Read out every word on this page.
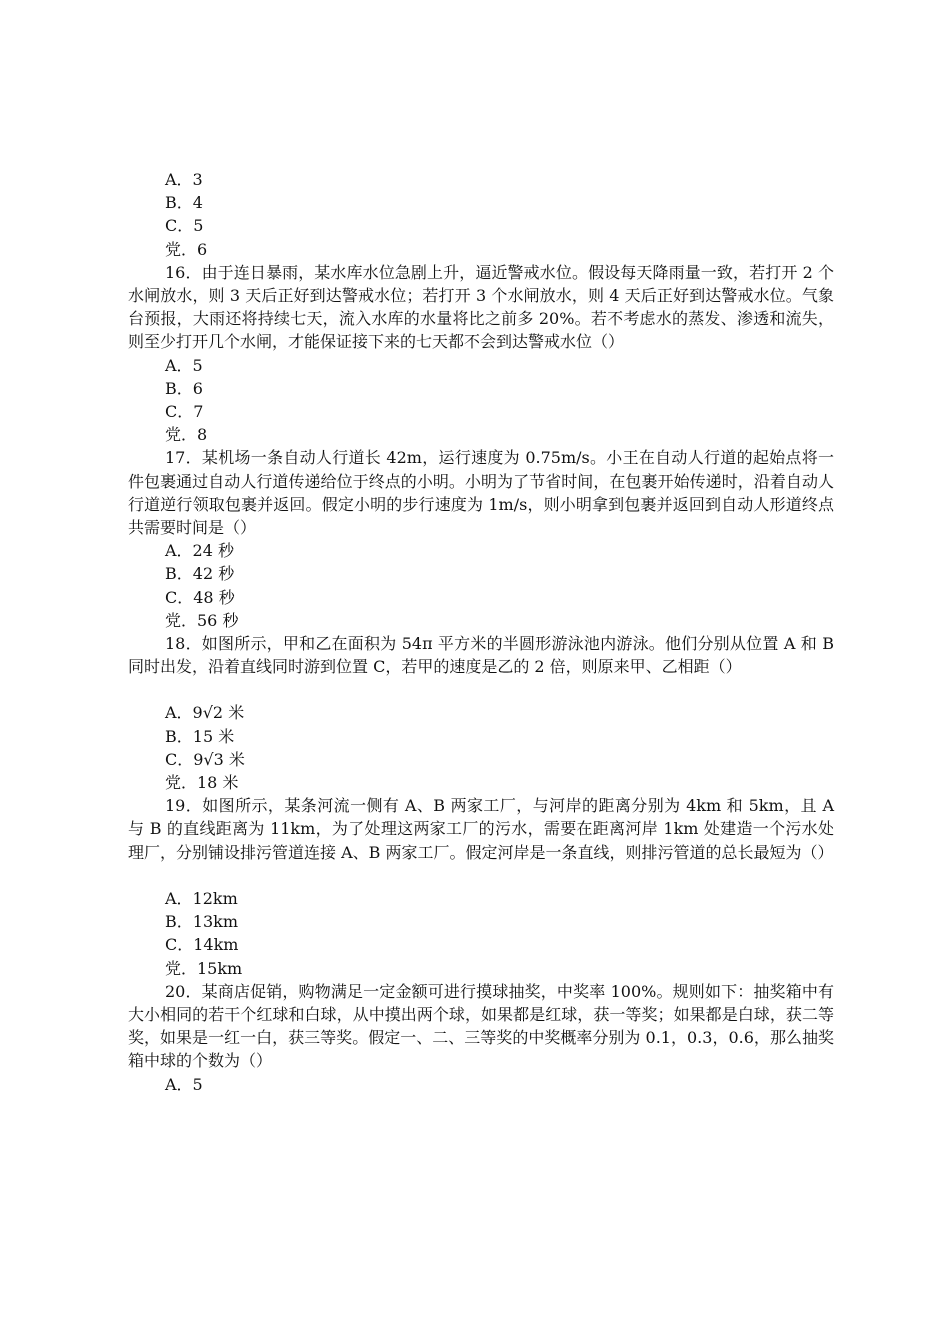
A．3

B．4

C．5

党．6

16．由于连日暴雨，某水库水位急剧上升，逼近警戒水位。假设每天降雨量一致，若打开 2 个水闸放水，则 3 天后正好到达警戒水位；若打开 3 个水闸放水，则 4 天后正好到达警戒水位。气象台预报，大雨还将持续七天，流入水库的水量将比之前多 20%。若不考虑水的蒸发、渗透和流失，则至少打开几个水闸，才能保证接下来的七天都不会到达警戒水位（）

A．5

B．6

C．7

党．8

17．某机场一条自动人行道长 42m，运行速度为 0.75m/s。小王在自动人行道的起始点将一件包裹通过自动人行道传递给位于终点的小明。小明为了节省时间，在包裹开始传递时，沿着自动人行道逆行领取包裹并返回。假定小明的步行速度为 1m/s，则小明拿到包裹并返回到自动人形道终点共需要时间是（）

A．24 秒

B．42 秒

C．48 秒

党．56 秒

18．如图所示，甲和乙在面积为 54π 平方米的半圆形游泳池内游泳。他们分别从位置 A 和 B 同时出发，沿着直线同时游到位置 C，若甲的速度是乙的 2 倍，则原来甲、乙相距（）

A．9√2 米

B．15 米

C．9√3 米

党．18 米

19．如图所示，某条河流一侧有 A、B 两家工厂，与河岸的距离分别为 4km 和 5km，且 A 与 B 的直线距离为 11km，为了处理这两家工厂的污水，需要在距离河岸 1km 处建造一个污水处理厂，分别铺设排污管道连接 A、B 两家工厂。假定河岸是一条直线，则排污管道的总长最短为（）

A．12km

B．13km

C．14km

党．15km

20．某商店促销，购物满足一定金额可进行摸球抽奖，中奖率 100%。规则如下：抽奖箱中有大小相同的若干个红球和白球，从中摸出两个球，如果都是红球，获一等奖；如果都是白球，获二等奖，如果是一红一白，获三等奖。假定一、二、三等奖的中奖概率分别为 0.1，0.3，0.6，那么抽奖箱中球的个数为（）

A．5
